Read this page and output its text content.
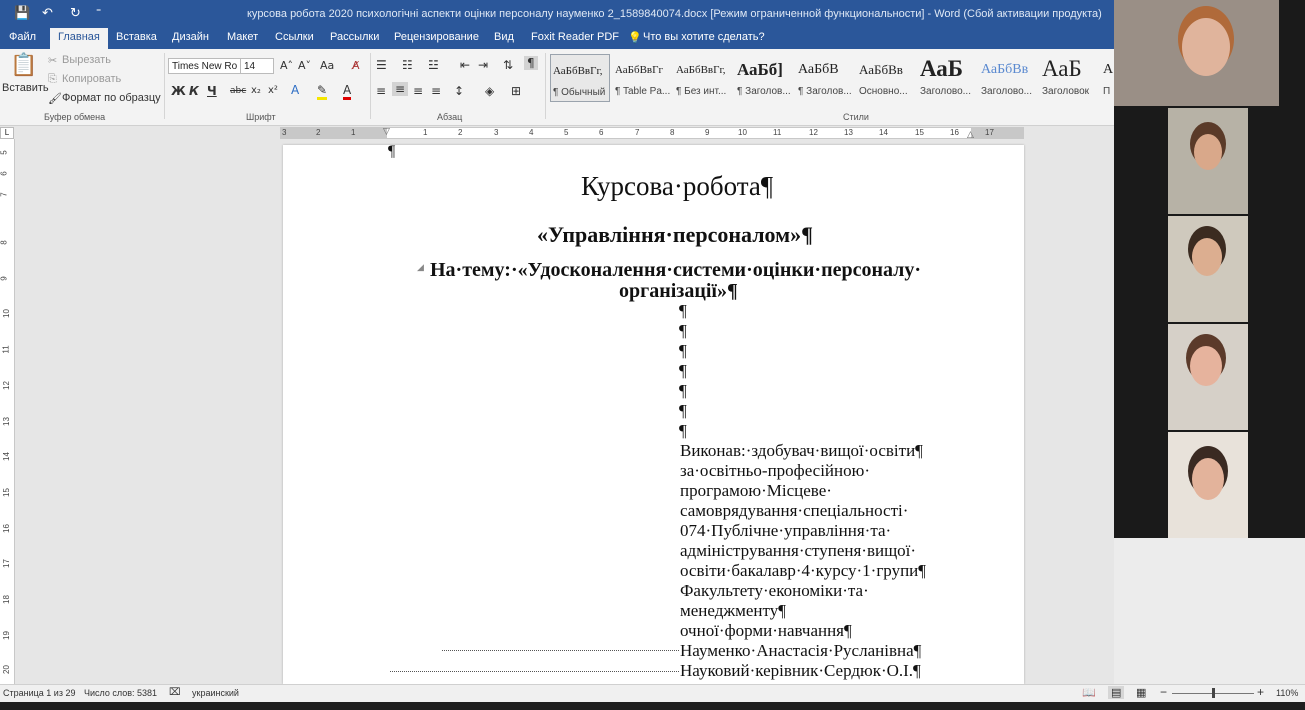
💾 ↶ ↻ ⁼	курсова робота 2020 психологічні аспекти оцінки персоналу науменко 2_1589840074.docx [Режим ограниченной функциональности] - Word (Сбой активации продукта)
Файл	Главная	Вставка Дизайн Макет Ссылки Рассылки Рецензирование Вид Foxit Reader PDF 💡 Что вы хотите сделать?
📋
Вставить
✂ Вырезать
⎘ Копировать
🖌 Формат по образцу
Буфер обмена
Times New Ro 14	A˄ A˅ Aa A̸
Ж К Ч abc x₂ x² A ✎ A
Шрифт
☰ ☷ ☳ ⇤ ⇥ ⇅ ¶
≡ ≡ ≡ ≡ ↕ ◈ ⊞
Абзац
АаБбВвГг,
¶ Обычный
АаБбВвГг
¶ Table Pa...
АаБбВвГг,
¶ Без инт...
АаБб]
¶ Заголов...
АаБбВ
¶ Заголов...
АаБбВв
Основно...
АаБ
Заголово...
АаБбВв
Заголово...
АаБ
Заголовок
А
П
Стили
L	3	2	1	1	2	3	4	5	6	7	8	9	10	11	12	13	14	15	16	17
▽	△
5
6
7
8
9
10
11
12
13
14
15
16
17
18
19
20
¶
Курсова·робота¶
«Управління·персоналом»¶
◢ На·тему:·«Удосконалення·системи·оцінки·персоналу·
організації»¶
¶
¶
¶
¶
¶
¶
¶
Виконав:·здобувач·вищої·освіти¶
за·освітньо-професійною·
програмою·Місцеве·
самоврядування·спеціальності·
074·Публічне·управління·та·
адміністрування·ступеня·вищої·
освіти·бакалавр·4·курсу·1·групи¶
Факультету·економіки·та·
менеджменту¶
очної·форми·навчання¶
Науменко·Анастасія·Русланівна¶
Науковий·керівник·Сердюк·О.І.¶
Страница 1 из 29 Число слов: 5381 ⌧ украинский	📖 ▤ ▦ −	+ 110%
